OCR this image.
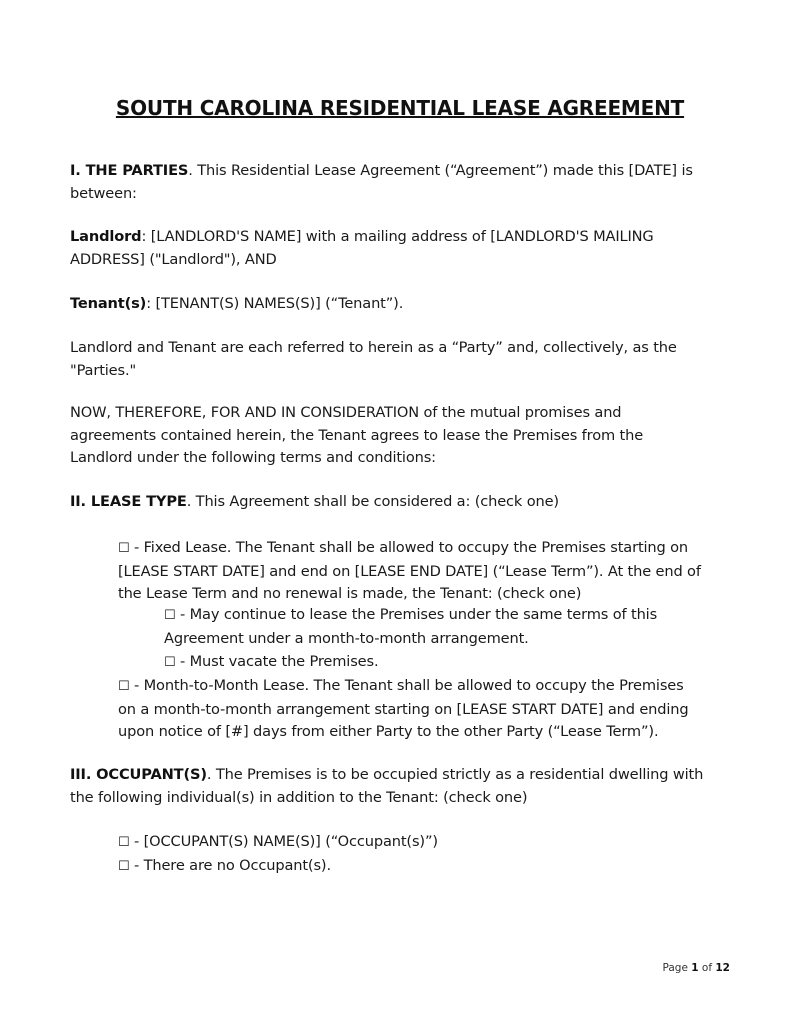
SOUTH CAROLINA RESIDENTIAL LEASE AGREEMENT
I. THE PARTIES. This Residential Lease Agreement (“Agreement”) made this [DATE] is
between:
Landlord: [LANDLORD'S NAME] with a mailing address of [LANDLORD'S MAILING
ADDRESS] ("Landlord"), AND
Tenant(s): [TENANT(S) NAMES(S)] (“Tenant”).
Landlord and Tenant are each referred to herein as a “Party” and, collectively, as the
"Parties."
NOW, THEREFORE, FOR AND IN CONSIDERATION of the mutual promises and
agreements contained herein, the Tenant agrees to lease the Premises from the
Landlord under the following terms and conditions:
II. LEASE TYPE. This Agreement shall be considered a: (check one)
☐ - Fixed Lease. The Tenant shall be allowed to occupy the Premises starting on
[LEASE START DATE] and end on [LEASE END DATE] (“Lease Term”). At the end of
the Lease Term and no renewal is made, the Tenant: (check one)
☐ - May continue to lease the Premises under the same terms of this
Agreement under a month-to-month arrangement.
☐ - Must vacate the Premises.
☐ - Month-to-Month Lease. The Tenant shall be allowed to occupy the Premises
on a month-to-month arrangement starting on [LEASE START DATE] and ending
upon notice of [#] days from either Party to the other Party (“Lease Term”).
III. OCCUPANT(S). The Premises is to be occupied strictly as a residential dwelling with
the following individual(s) in addition to the Tenant: (check one)
☐ - [OCCUPANT(S) NAME(S)] (“Occupant(s)”)
☐ - There are no Occupant(s).
Page 1 of 12
